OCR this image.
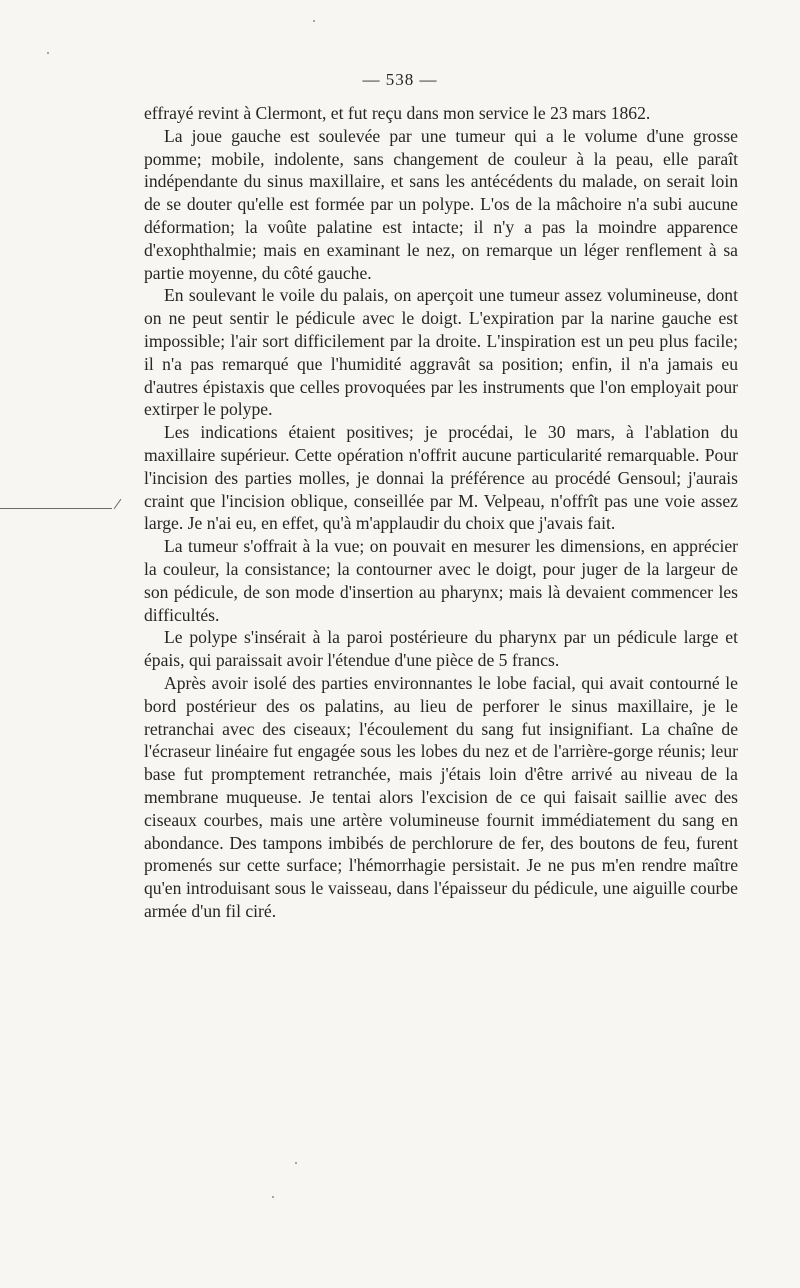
— 538 —

effrayé revint à Clermont, et fut reçu dans mon service le 23 mars 1862.

La joue gauche est soulevée par une tumeur qui a le volume d'une grosse pomme; mobile, indolente, sans changement de couleur à la peau, elle paraît indépendante du sinus maxillaire, et sans les antécédents du malade, on serait loin de se douter qu'elle est formée par un polype. L'os de la mâchoire n'a subi aucune déformation; la voûte palatine est intacte; il n'y a pas la moindre apparence d'exophthalmie; mais en examinant le nez, on remarque un léger renflement à sa partie moyenne, du côté gauche.

En soulevant le voile du palais, on aperçoit une tumeur assez volumineuse, dont on ne peut sentir le pédicule avec le doigt. L'expiration par la narine gauche est impossible; l'air sort difficilement par la droite. L'inspiration est un peu plus facile; il n'a pas remarqué que l'humidité aggravât sa position; enfin, il n'a jamais eu d'autres épistaxis que celles provoquées par les instruments que l'on employait pour extirper le polype.

Les indications étaient positives; je procédai, le 30 mars, à l'ablation du maxillaire supérieur. Cette opération n'offrit aucune particularité remarquable. Pour l'incision des parties molles, je donnai la préférence au procédé Gensoul; j'aurais craint que l'incision oblique, conseillée par M. Velpeau, n'offrît pas une voie assez large. Je n'ai eu, en effet, qu'à m'applaudir du choix que j'avais fait.

La tumeur s'offrait à la vue; on pouvait en mesurer les dimensions, en apprécier la couleur, la consistance; la contourner avec le doigt, pour juger de la largeur de son pédicule, de son mode d'insertion au pharynx; mais là devaient commencer les difficultés.

Le polype s'insérait à la paroi postérieure du pharynx par un pédicule large et épais, qui paraissait avoir l'étendue d'une pièce de 5 francs.

Après avoir isolé des parties environnantes le lobe facial, qui avait contourné le bord postérieur des os palatins, au lieu de perforer le sinus maxillaire, je le retranchai avec des ciseaux; l'écoulement du sang fut insignifiant. La chaîne de l'écraseur linéaire fut engagée sous les lobes du nez et de l'arrière-gorge réunis; leur base fut promptement retranchée, mais j'étais loin d'être arrivé au niveau de la membrane muqueuse. Je tentai alors l'excision de ce qui faisait saillie avec des ciseaux courbes, mais une artère volumineuse fournit immédiatement du sang en abondance. Des tampons imbibés de perchlorure de fer, des boutons de feu, furent promenés sur cette surface; l'hémorrhagie persistait. Je ne pus m'en rendre maître qu'en introduisant sous le vaisseau, dans l'épaisseur du pédicule, une aiguille courbe armée d'un fil ciré.
